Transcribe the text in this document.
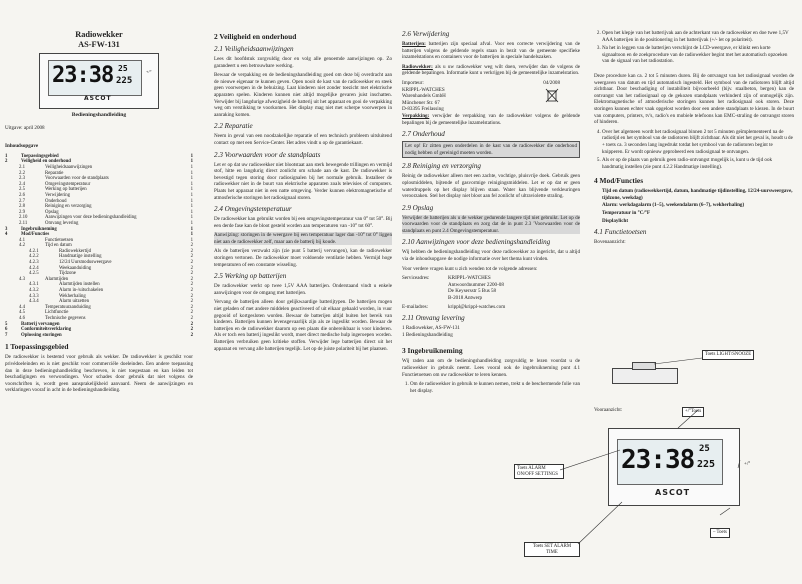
Radiowekker
AS-FW-131
23:38 25
225
ASCOT
+/°
Bedieningshandleiding
Uitgave: april 2008
Inhoudsopgave
1	Toepassingsgebied	1
2	Veiligheid en onderhoud	1
2.1	Veiligheidsaanwijzingen	1
2.2	Reparatie	1
2.3	Voorwaarden voor de standplaats	1
2.4	Omgevingstemperatuur	1
2.5	Werking op batterijen	1
2.6	Verwijdering	1
2.7	Onderhoud	1
2.8	Reiniging en verzorging	1
2.9	Opslag	1
2.10	Aanwijzingen voor deze bedieningshandleiding	1
2.11	Omvang levering	1
3	Ingebruikneming	1
4	Mod/Functies	1
4.1	Functietoetsen	1
4.2	Tijd en datum	2
4.2.1	Radiowekkertijd	2
4.2.2	Handmatige instelling	2
4.2.3	12/24 Uursmodusweergave	2
4.2.4	Weekaanduiding	2
4.2.5	Tijdzone	2
4.3	Alarmtijden	2
4.3.1	Alarmtijden instellen	2
4.3.2	Alarm in-/uitschakelen	2
4.3.3	Wekherhaling	2
4.3.4	Alarm uitzetten	2
4.4	Temperatuuraanduiding	2
4.5	Lichtfunctie	2
4.6	Technische gegevens	2
5	Batterij vervangen	2
6	Conformiteitsverklaring	2
7	Oplossing storingen	2
1 Toepassingsgebied

De radiowekker is bestemd voor gebruik als wekker. De radiowekker is geschikt voor privédoeleinden en is niet geschikt voor commerciële doeleinden. Een andere toepassing dan in deze bedieningshandleiding beschreven, is niet toegestaan en kan leiden tot beschadigingen en verwondingen. Voor schades door gebruik dat niet volgens de voorschriften is, wordt geen aansprakelijkheid aanvaard. Neem de aanwijzingen en verklaringen vooraf in acht in de bedieningshandleiding.

2 Veiligheid en onderhoud
2.1 Veiligheidsaanwijzingen

Lees dit hoofdstuk zorgvuldig door en volg alle genoemde aanwijzingen op. Zo garandeert u een betrouwbare werking.

Bewaar de verpakking en de bedieningshandleiding goed om deze bij overdracht aan de nieuwe eigenaar te kunnen geven. Open nooit de kast van de radiowekker en steek geen voorwerpen in de behuizing. Laat kinderen niet zonder toezicht met elektrische apparaten spelen. Kinderen kunnen niet altijd mogelijke gevaren juist inschatten. Verwijder bij langdurige afwezigheid de batterij uit het apparaat en gooi de verpakking weg om verstikking te voorkomen. Het display mag niet met scherpe voorwerpen in aanraking komen.

2.2 Reparatie

Neem in geval van een noodzakelijke reparatie of een technisch probleem uitsluitend contact op met een Service-Center. Het adres vindt u op de garantiekaart.

2.3 Voorwaarden voor de standplaats

Let er op dat uw radiowekker niet blootstaat aan sterk bewegende trillingen en vermijd stof, hitte en langdurig direct zonlicht om schade aan de kast. De radiowekker is bevestigd tegen storing door radiosignalen bij het normale gebruik. Installeer de radiowekker niet in de buurt van elektrische apparaten zoals televisies of computers. Plaats het apparaat niet in een natte omgeving. Verder kunnen elektromagnetische of atmosferische storingen het radiosignaal storen.

2.4 Omgevingstemperatuur

De radiowekker kan gebruikt worden bij een omgevingstemperatuur van 0° tot 50°. Bij een derde fase kan de bloot gesteld worden aan temperaturen van -10° tot 60°.

Aanwijzing: storingen in de weergave bij een temperatuur lager dan -10° tot 0° liggen niet aan de radiowekker zelf, maar aan de batterij bij koude.

Als de batterijen verzwakt zijn (zie punt 5 batterij vervangen), kan de radiowekker storingen vertonen. De radiowekker moet voldoende ventilatie hebben. Vermijd hoge temperaturen of een constante wisseling.

2.5 Werking op batterijen

De radiowekker werkt op twee 1,5V AAA batterijen. Onderstaand vindt u enkele aanwijzingen voor de omgang met batterijen.

Vervang de batterijen alleen door gelijkwaardige batterijtypen. De batterijen mogen niet geladen of met andere middelen geactiveerd of uit elkaar gehaald worden, in vuur gegooid of kortgesloten worden. Bewaar de batterijen altijd buiten het bereik van kinderen. Batterijen kunnen levensgevaarlijk zijn als ze ingeslikt worden. Bewaar de batterijen en de radiowekker daarom op een plaats die onbereikbaar is voor kinderen. Als er toch een batterij ingeslikt wordt, moet direct medische hulp ingeroepen worden. Batterijen verbruiken geen kritieke stoffen. Verwijder lege batterijen direct uit het apparaat en vervang alle batterijen tegelijk. Let op de juiste polariteit bij het plaatsen.

2.6 Verwijdering

Batterijen: batterijen zijn speciaal afval. Voor een correcte verwijdering van de batterijen volgens de geldende regels staan in bezit van de gemeente specifieke inzamelstations en containers voor de batterijen in speciale handelszaken.

Radiowekker: als u uw radiowekker weg wilt doen, verwijder dan de volgens de geldende bepalingen. Informatie kunt u verkrijgen bij de gemeentelijke inzamelstation.

Importeur:
KRIPPL-WATCHES
Warenhandels GmbH
Münchener Str. 67
D-83395 Freilassing
04/2008

Verpakking: verwijder de verpakking van de radiowekker volgens de geldende bepalingen bij de gemeentelijke inzamelstations.

2.7 Onderhoud

Let op! Er zitten geen onderdelen in de kast van de radiowekker die onderhoud nodig hebben of gereinigd moeten worden.

2.8 Reiniging en verzorging

Reinig de radiowekker alleen met een zachte, vochtige, pluisvrije doek. Gebruik geen oplosmiddelen, bijtende of gasvormige reinigingsmiddelen. Let er op dat er geen waterdruppels op het display blijven staan. Water kan blijvende verkleuringen veroorzaken. Stel het display niet bloot aan fel zonlicht of ultraviolette straling.

2.9 Opslag

Verwijder de batterijen als u de wekker gedurende langere tijd niet gebruikt. Let op de voorwaarden voor de standplaats en zorg dat de in punt 2.3 'Voorwaarden voor de standplaats en punt 2.4 Omgevingstemperatuur.

2.10 Aanwijzingen voor deze bedieningshandleiding

Wij hebben de bedieningshandleiding voor deze radiowekker zo ingericht, dat u altijd via de inhoudsopgave de nodige informatie over het thema kunt vinden.

Voor verdere vragen kunt u zich wenden tot de volgende adressen:

Serviceadres:	KRIPPL-WATCHES
Antwoordnummer 2200-08
De Keysersstr 5 Bus 58
B-2018 Antwerp
E-mailadres:	krippl@krippl-watches.com
2.11 Omvang levering
1 Radiowekker, AS-FW-131
1 Bedieningshandleiding
3 Ingebruikneming

Wij raden aan om de bedieningshandleiding zorgvuldig te lezen voordat u de radiowekker in gebruik neemt. Lees vooral ook de ingebruikneming punt 4.1 Functietoetsen om uw radiowekker te leren kennen.

1. Om de radiowekker in gebruik te kunnen nemen, trekt u de beschermende folie van het display.
Toets ALARM ON/OFF SETTINGS
Toets SET ALARM
TIME
2. Open het klepje van het batterijvak aan de achterkant van de radiowekker en doe twee 1,5V AAA batterijen in de positionering in het batterijvak (+/- let op polariteit).
3. Na het in leggen van de batterijen verschijnt de LCD-weergave, er klinkt een korte signaaltoon en de zoekprocedure van de radiowekker begint met het automatisch opzoeken van de signaal van het radiostation.

Deze procedure kan ca. 2 tot 5 minuten duren. Bij de ontvangst van het radiosignaal worden de weergaven van datum en tijd automatisch ingesteld. Het symbool van de radiotoren blijft altijd zichtbaar. Door beschadiging of instabiliteit bijvoorbeeld (bijv. staalbeton, bergen) kan de ontvangst van het radiosignaal op de gekozen standplaats verhinderd zijn of onmogelijk zijn. Elektromagnetische of atmosferische storingen kunnen het radiosignaal ook storen. Deze storingen kunnen echter vaak opgelost worden door een andere standplaats te kiezen. In de buurt van computers, printers, tv's, radio's en mobiele telefoons kan EMC-straling de ontvangst storen of hinderen.

4. Over het algemeen wordt het radiosignaal binnen 2 tot 5 minuten geïmplementeerd na de radiotijd en het symbool van de radiotoren blijft zichtbaar. Als dit niet het geval is, houdt u de + toets ca. 3 seconden lang ingedrukt totdat het symbool van de radiotoren begint te knipperen. Er wordt opnieuw geprobeerd een radiosignaal te ontvangen.
5. Als er op de plaats van gebruik geen radio-ontvangst mogelijk is, kunt u de tijd ook handmatig instellen (zie punt 4.2.2 Handmatige instelling).
4 Mod/Functies
• Tijd en datum (radiowekkertijd, datum, handmatige tijdinstelling, 12/24-uursweergave, tijdzone, weekdag)
• Alarm: werkdagalarm (1–5), weekendalarm (6–7), wekherhaling)
• Temperatuur in °C/°F
• Displaylicht
4.1 Functietoetsen
Bovenaanzicht:
Toets LIGHT/SNOOZE
Vooraanzicht:	+/°Toets
23:38 25
225
ASCOT
+/°
– Toets
